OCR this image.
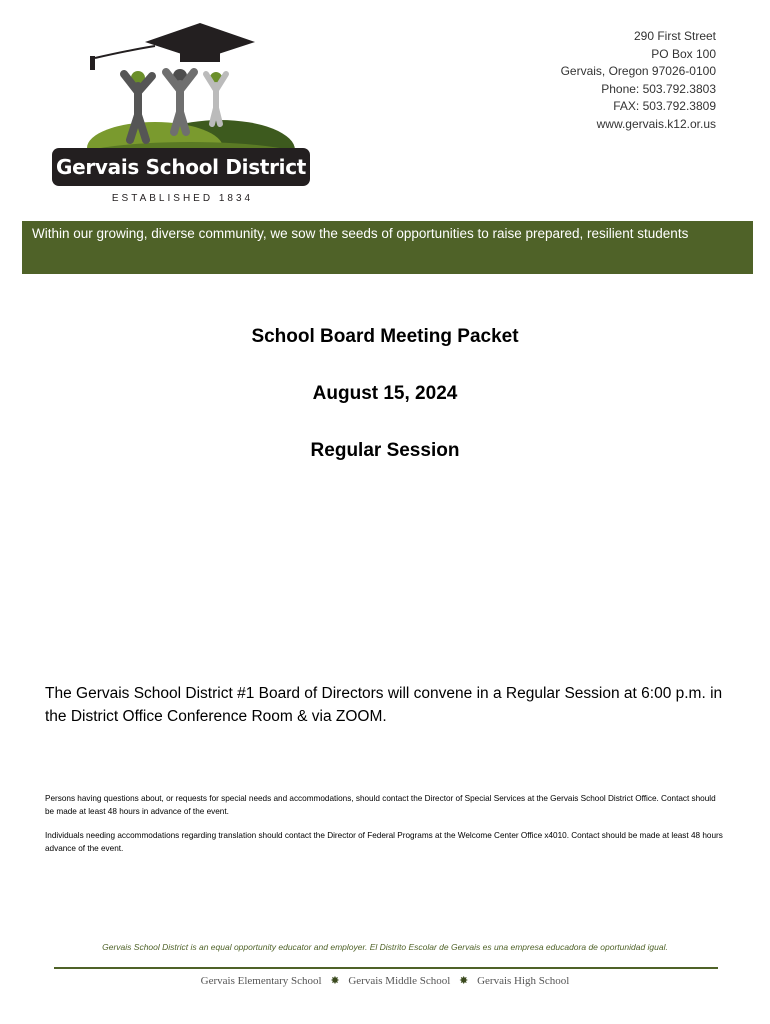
Gervais School District
ESTABLISHED 1834
290 First Street
PO Box 100
Gervais, Oregon 97026-0100
Phone: 503.792.3803
FAX: 503.792.3809
www.gervais.k12.or.us
Within our growing, diverse community, we sow the seeds of opportunities to raise prepared, resilient students
School Board Meeting Packet
August 15, 2024
Regular Session
The Gervais School District #1 Board of Directors will convene in a Regular Session at 6:00 p.m. in the District Office Conference Room & via ZOOM.
Persons having questions about, or requests for special needs and accommodations, should contact the Director of Special Services at the Gervais School District Office. Contact should be made at least 48 hours in advance of the event.
Individuals needing accommodations regarding translation should contact the Director of Federal Programs at the Welcome Center Office x4010. Contact should be made at least 48 hours advance of the event.
Gervais School District is an equal opportunity educator and employer. El Distrito Escolar de Gervais es una empresa educadora de oportunidad igual.
Gervais Elementary School ✸ Gervais Middle School ✸ Gervais High School
